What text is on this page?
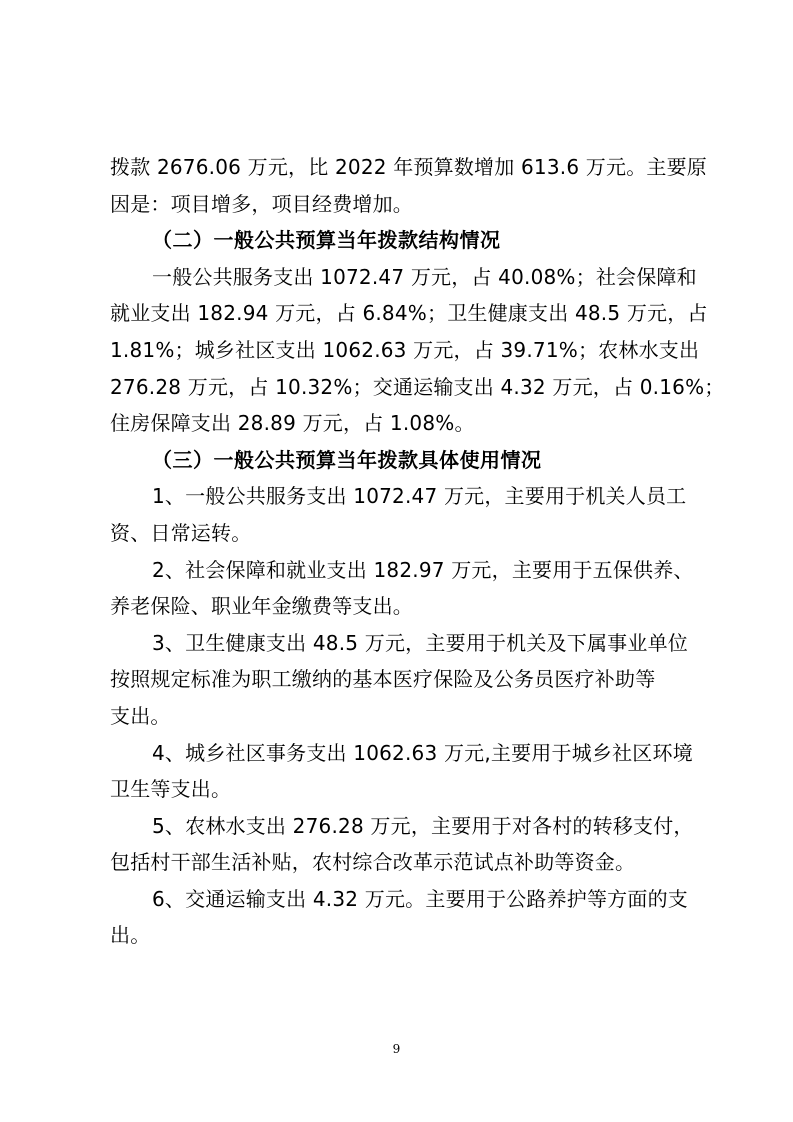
拨款 2676.06 万元，比 2022 年预算数增加 613.6 万元。主要原
因是：项目增多，项目经费增加。
（二）一般公共预算当年拨款结构情况
一般公共服务支出 1072.47 万元，占 40.08%；社会保障和
就业支出 182.94 万元，占 6.84%；卫生健康支出 48.5 万元，占
1.81%；城乡社区支出 1062.63 万元，占 39.71%；农林水支出
276.28 万元，占 10.32%；交通运输支出 4.32 万元，占 0.16%；
住房保障支出 28.89 万元，占 1.08%。
（三）一般公共预算当年拨款具体使用情况
1、一般公共服务支出 1072.47 万元，主要用于机关人员工
资、日常运转。
2、社会保障和就业支出 182.97 万元，主要用于五保供养、
养老保险、职业年金缴费等支出。
3、卫生健康支出 48.5 万元，主要用于机关及下属事业单位
按照规定标准为职工缴纳的基本医疗保险及公务员医疗补助等
支出。
4、城乡社区事务支出 1062.63 万元,主要用于城乡社区环境
卫生等支出。
5、农林水支出 276.28 万元，主要用于对各村的转移支付，
包括村干部生活补贴，农村综合改革示范试点补助等资金。
6、交通运输支出 4.32 万元。主要用于公路养护等方面的支
出。
9
